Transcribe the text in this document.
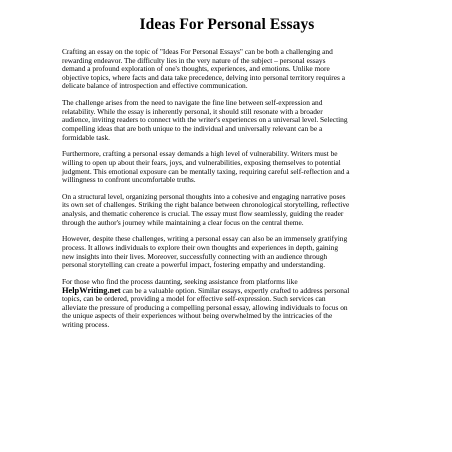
Ideas For Personal Essays

Crafting an essay on the topic of "Ideas For Personal Essays" can be both a challenging and
rewarding endeavor. The difficulty lies in the very nature of the subject – personal essays
demand a profound exploration of one's thoughts, experiences, and emotions. Unlike more
objective topics, where facts and data take precedence, delving into personal territory requires a
delicate balance of introspection and effective communication.

The challenge arises from the need to navigate the fine line between self-expression and
relatability. While the essay is inherently personal, it should still resonate with a broader
audience, inviting readers to connect with the writer's experiences on a universal level. Selecting
compelling ideas that are both unique to the individual and universally relevant can be a
formidable task.

Furthermore, crafting a personal essay demands a high level of vulnerability. Writers must be
willing to open up about their fears, joys, and vulnerabilities, exposing themselves to potential
judgment. This emotional exposure can be mentally taxing, requiring careful self-reflection and a
willingness to confront uncomfortable truths.

On a structural level, organizing personal thoughts into a cohesive and engaging narrative poses
its own set of challenges. Striking the right balance between chronological storytelling, reflective
analysis, and thematic coherence is crucial. The essay must flow seamlessly, guiding the reader
through the author's journey while maintaining a clear focus on the central theme.

However, despite these challenges, writing a personal essay can also be an immensely gratifying
process. It allows individuals to explore their own thoughts and experiences in depth, gaining
new insights into their lives. Moreover, successfully connecting with an audience through
personal storytelling can create a powerful impact, fostering empathy and understanding.

For those who find the process daunting, seeking assistance from platforms like
HelpWriting.net can be a valuable option. Similar essays, expertly crafted to address personal
topics, can be ordered, providing a model for effective self-expression. Such services can
alleviate the pressure of producing a compelling personal essay, allowing individuals to focus on
the unique aspects of their experiences without being overwhelmed by the intricacies of the
writing process.
